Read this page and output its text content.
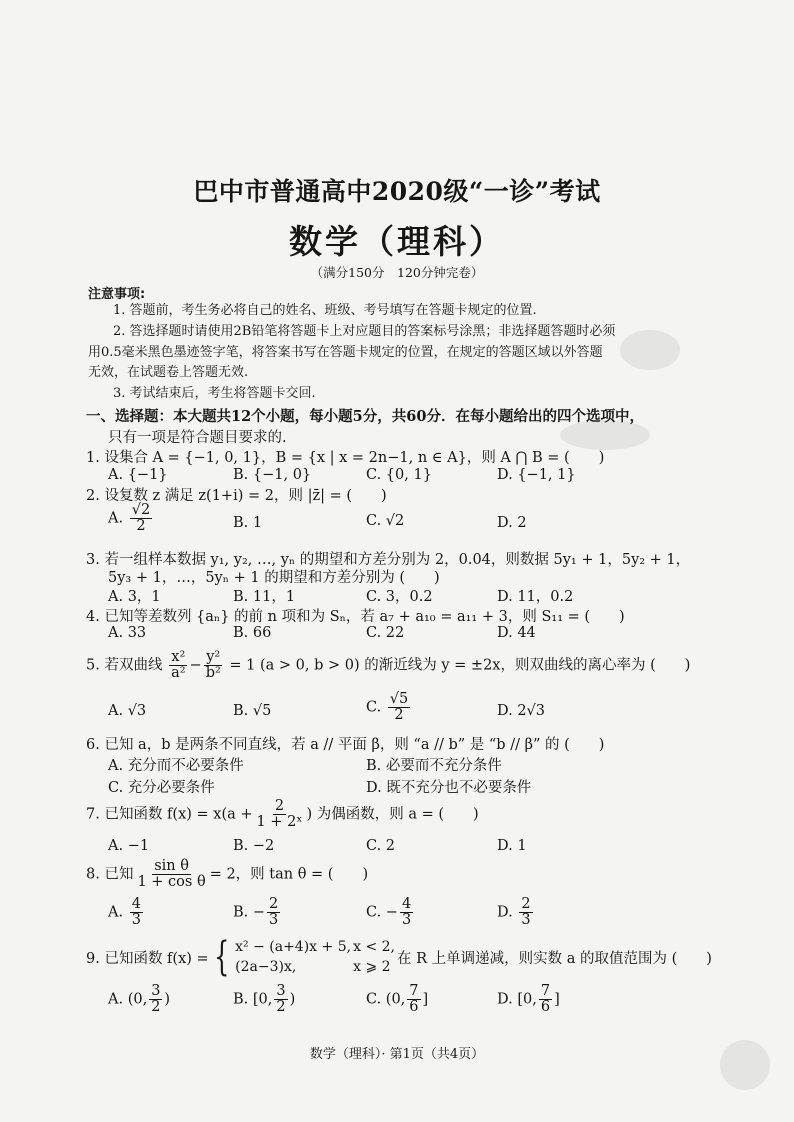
巴中市普通高中2020级“一诊”考试
数学（理科）
（满分150分　120分钟完卷）
注意事项:
1. 答题前，考生务必将自己的姓名、班级、考号填写在答题卡规定的位置.
2. 答选择题时请使用2B铅笔将答题卡上对应题目的答案标号涂黑；非选择题答题时必须
用0.5毫米黑色墨迹签字笔，将答案书写在答题卡规定的位置，在规定的答题区域以外答题
无效，在试题卷上答题无效.
3. 考试结束后，考生将答题卡交回.
一、选择题：本大题共12个小题，每小题5分，共60分．在每小题给出的四个选项中，
只有一项是符合题目要求的.
1. 设集合 A = {−1, 0, 1}，B = {x | x = 2n−1, n ∈ A}，则 A ⋂ B = (　　)
A. {−1}	B. {−1, 0}	C. {0, 1}	D. {−1, 1}
2. 设复数 z 满足 z(1+i) = 2，则 |z̄| = (　　)
A. $\frac{√2}{2}$	B. 1	C. √2	D. 2
3. 若一组样本数据 y₁, y₂, …, yₙ 的期望和方差分别为 2，0.04，则数据 5y₁ + 1，5y₂ + 1，
5y₃ + 1，…，5yₙ + 1 的期望和方差分别为 (　　)
A. 3，1	B. 11，1	C. 3，0.2	D. 11，0.2
4. 已知等差数列 {aₙ} 的前 n 项和为 Sₙ，若 a₇ + a₁₀ = a₁₁ + 3，则 S₁₁ = (　　)
A. 33	B. 66	C. 22	D. 44
5. 若双曲线 $\frac{\text{x²}}{\text{a²}} - \frac{\text{y²}}{\text{b²}} = 1$ (a > 0, b > 0) 的渐近线为 y = ±2x，则双曲线的离心率为 (　　)
A. √3	B. √5	C. $\frac{√5}{2}$	D. 2√3
6. 已知 a，b 是两条不同直线，若 a // 平面 β，则 “a // b” 是 “b // β” 的 (　　)
A. 充分而不必要条件	B. 必要而不充分条件
C. 充分必要条件	D. 既不充分也不必要条件
7. 已知函数 $f(x) = x(a + \frac{2}{\text{1 + 2ˣ}}$ ) 为偶函数，则 a = (　　)
A. −1	B. −2	C. 2	D. 1
8. 已知 $\frac{\text{sin θ}}{\text{1 + cos θ}} = 2$，则 tan θ = (　　)
A. $\frac{4}{3}$	B. − $\frac{2}{3}$	C. − $\frac{4}{3}$	D. $\frac{2}{3}$
9. 已知函数 f(x) = { x² − (a+4)x + 5, x < 2,
(2a−3)x,	x ⩾ 2
在 R 上单调递减，则实数 a 的取值范围为 (　　)
A. (0, $\frac{3}{2}$ )	B. [0, $\frac{3}{2}$ )	C. (0, $\frac{7}{6}$ ]	D. [0, $\frac{7}{6}$ ]
数学（理科）· 第1页（共4页）
